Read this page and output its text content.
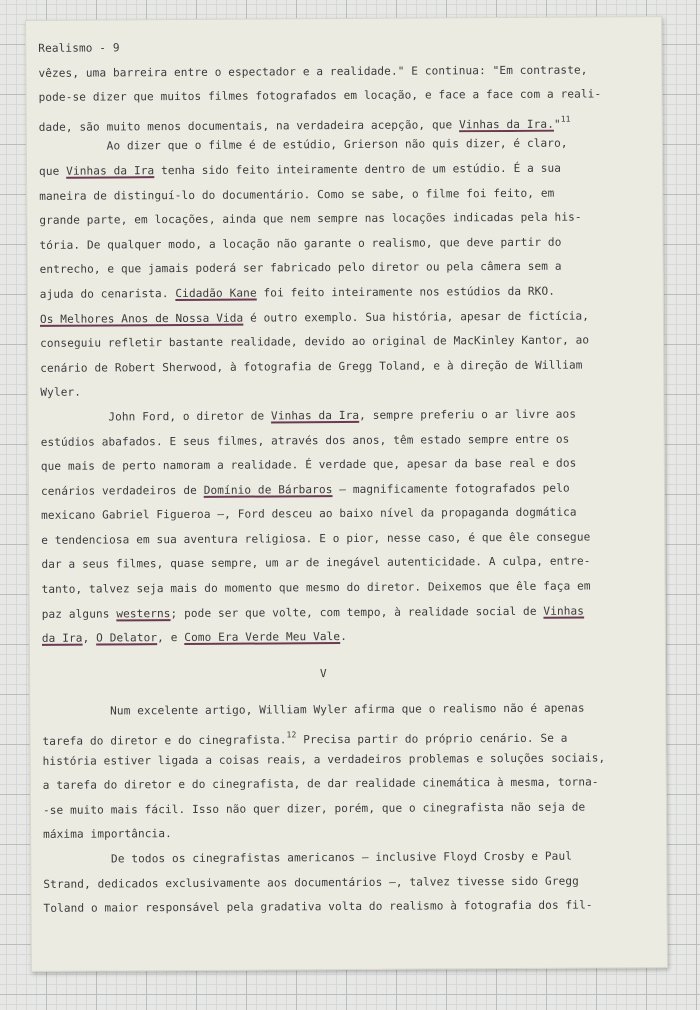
Realismo - 9
vêzes, uma barreira entre o espectador e a realidade." E continua: "Em contraste,
pode-se dizer que muitos filmes fotografados em locação, e face a face com a reali-
dade, são muito menos documentais, na verdadeira acepção, que Vinhas da Ira."$^{11}$
Ao dizer que o filme é de estúdio, Grierson não quis dizer, é claro,
que Vinhas da Ira tenha sido feito inteiramente dentro de um estúdio. É a sua
maneira de distinguí-lo do documentário. Como se sabe, o filme foi feito, em
grande parte, em locações, ainda que nem sempre nas locações indicadas pela his-
tória. De qualquer modo, a locação não garante o realismo, que deve partir do
entrecho, e que jamais poderá ser fabricado pelo diretor ou pela câmera sem a
ajuda do cenarista. Cidadão Kane foi feito inteiramente nos estúdios da RKO.
Os Melhores Anos de Nossa Vida é outro exemplo. Sua história, apesar de fictícia,
conseguiu refletir bastante realidade, devido ao original de MacKinley Kantor, ao
cenário de Robert Sherwood, à fotografia de Gregg Toland, e à direção de William
Wyler.
John Ford, o diretor de Vinhas da Ira, sempre preferiu o ar livre aos
estúdios abafados. E seus filmes, através dos anos, têm estado sempre entre os
que mais de perto namoram a realidade. É verdade que, apesar da base real e dos
cenários verdadeiros de Domínio de Bárbaros — magnificamente fotografados pelo
mexicano Gabriel Figueroa —, Ford desceu ao baixo nível da propaganda dogmática
e tendenciosa em sua aventura religiosa. E o pior, nesse caso, é que êle consegue
dar a seus filmes, quase sempre, um ar de inegável autenticidade. A culpa, entre-
tanto, talvez seja mais do momento que mesmo do diretor. Deixemos que êle faça em
paz alguns westerns; pode ser que volte, com tempo, à realidade social de Vinhas
da Ira, O Delator, e Como Era Verde Meu Vale.
V
Num excelente artigo, William Wyler afirma que o realismo não é apenas
tarefa do diretor e do cinegrafista.$^{12}$ Precisa partir do próprio cenário. Se a
história estiver ligada a coisas reais, a verdadeiros problemas e soluções sociais,
a tarefa do diretor e do cinegrafista, de dar realidade cinemática à mesma, torna-
-se muito mais fácil. Isso não quer dizer, porém, que o cinegrafista não seja de
máxima importância.
De todos os cinegrafistas americanos — inclusive Floyd Crosby e Paul
Strand, dedicados exclusivamente aos documentários —, talvez tivesse sido Gregg
Toland o maior responsável pela gradativa volta do realismo à fotografia dos fil-
